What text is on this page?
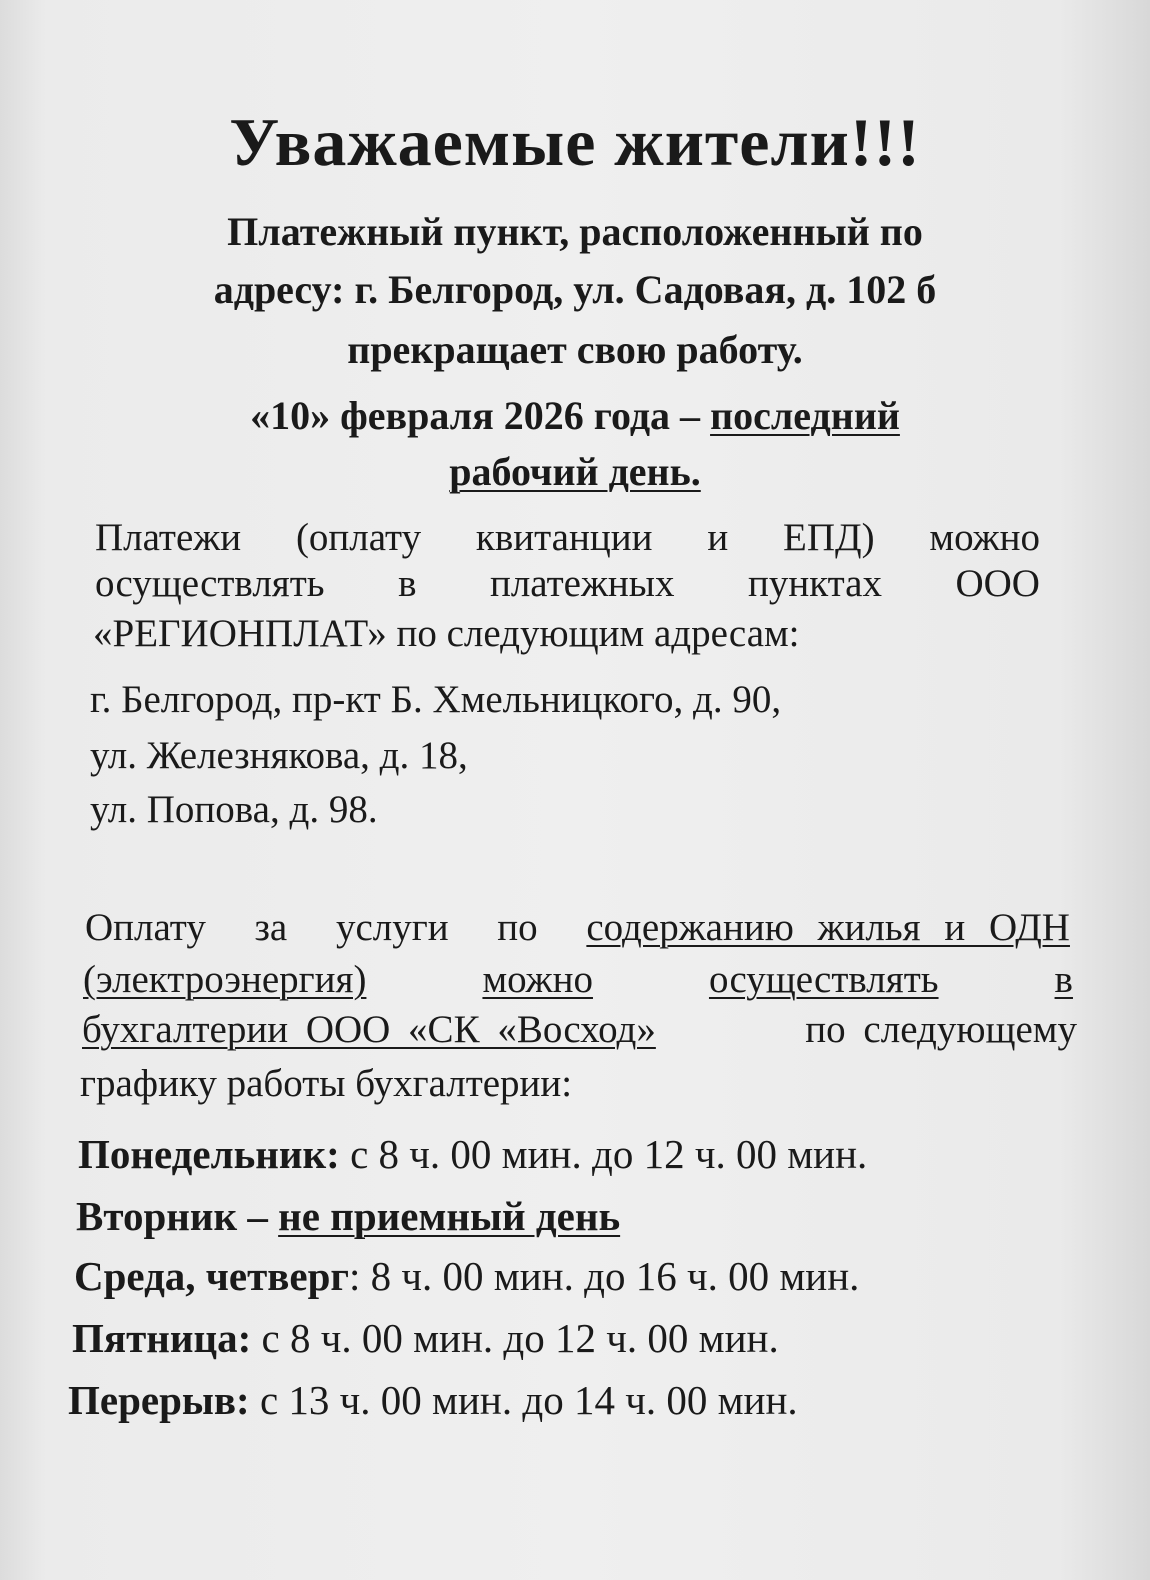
Уважаемые жители!!!
Платежный пункт, расположенный по
адресу: г. Белгород, ул. Садовая, д. 102 б
прекращает свою работу.
«10» февраля 2026 года – последний
рабочий день.
Платежи (оплату квитанции и ЕПД) можно
осуществлять в платежных пунктах ООО
«РЕГИОНПЛАТ» по следующим адресам:
г. Белгород, пр-кт Б. Хмельницкого, д. 90,
ул. Железнякова, д. 18,
ул. Попова, д. 98.
Оплату за услуги по содержанию жилья и ОДН
(электроэнергия)	можно	осуществлять	в
бухгалтерии ООО «СК «Восход»	по следующему
графику работы бухгалтерии:
Понедельник: с 8 ч. 00 мин. до 12 ч. 00 мин.
Вторник – не приемный день
Среда, четверг: 8 ч. 00 мин. до 16 ч. 00 мин.
Пятница: с 8 ч. 00 мин. до 12 ч. 00 мин.
Перерыв: с 13 ч. 00 мин. до 14 ч. 00 мин.
